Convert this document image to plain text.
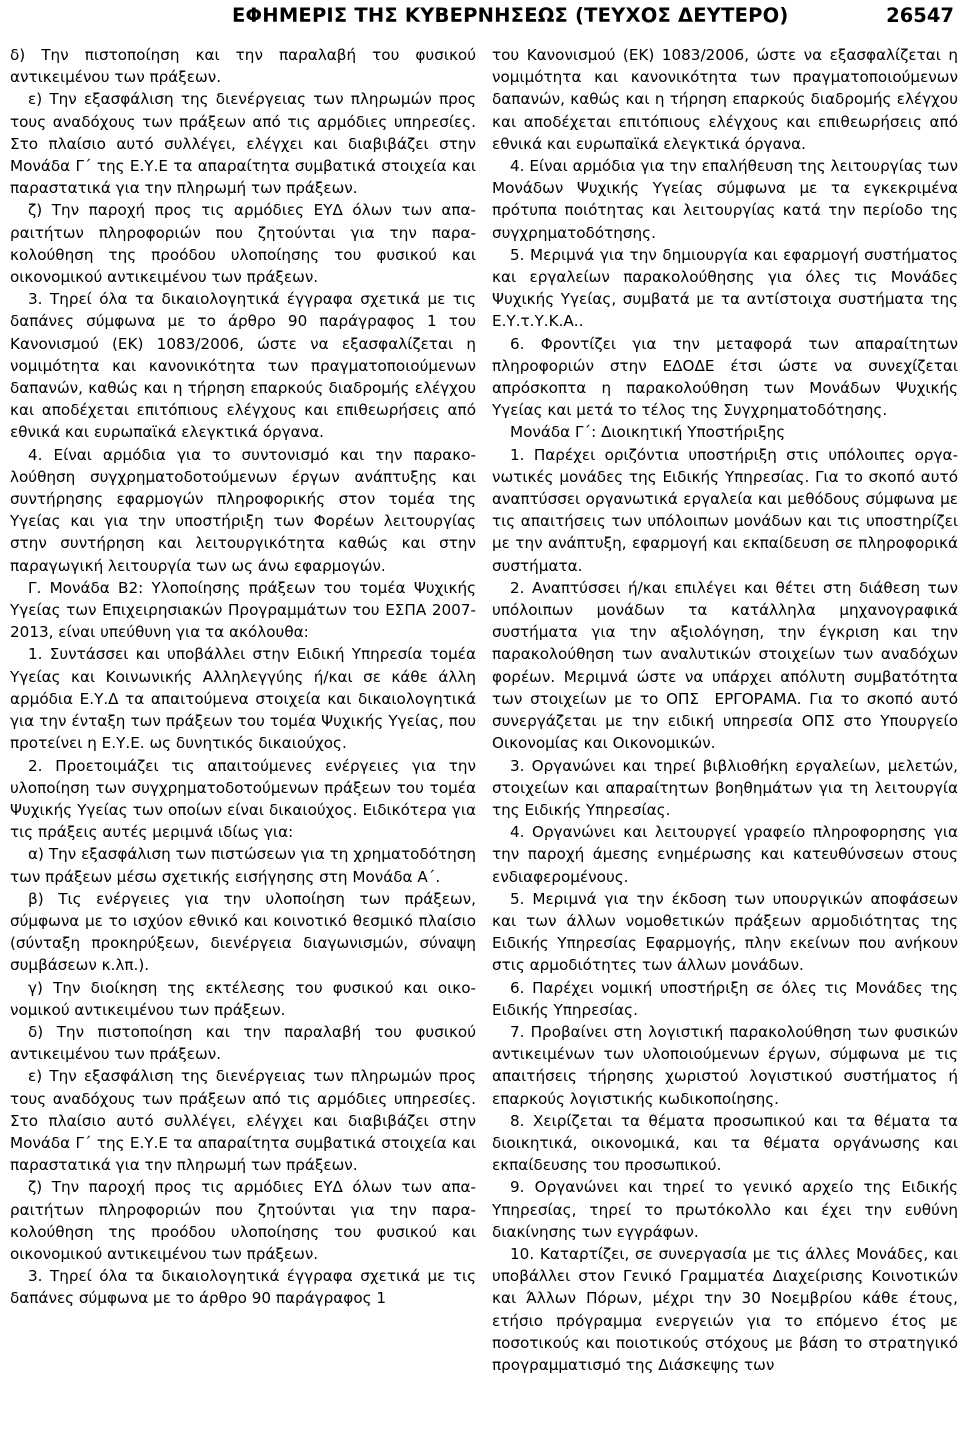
ΕΦΗΜΕΡΙΣ ΤΗΣ ΚΥΒΕΡΝΗΣΕΩΣ (ΤΕΥΧΟΣ ΔΕΥΤΕΡΟ)	26547

δ) Την πιστοποίηση και την παραλαβή του φυσικού αντικειμένου των πράξεων.

ε) Την εξασφάλιση της διενέργειας των πληρωμών προς τους αναδόχους των πράξεων από τις αρμόδιες υπηρεσίες. Στο πλαίσιο αυτό συλλέγει, ελέγχει και διαβιβάζει στην Μονάδα Γ΄ της Ε.Υ.Ε τα απαραίτητα συμβατικά στοιχεία και παραστατικά για την πληρωμή των πράξεων.

ζ) Την παροχή προς τις αρμόδιες ΕΥΔ όλων των απαραιτήτων πληροφοριών που ζητούνται για την παρακολούθηση της προόδου υλοποίησης του φυσικού και οικονομικού αντικειμένου των πράξεων.

3. Τηρεί όλα τα δικαιολογητικά έγγραφα σχετικά με τις δαπάνες σύμφωνα με το άρθρο 90 παράγραφος 1 του Κανονισμού (ΕΚ) 1083/2006, ώστε να εξασφαλίζεται η νομιμότητα και κανονικότητα των πραγματοποιούμενων δαπανών, καθώς και η τήρηση επαρκούς διαδρομής ελέγχου και αποδέχεται επιτόπιους ελέγχους και επιθεωρήσεις από εθνικά και ευρωπαϊκά ελεγκτικά όργανα.

4. Είναι αρμόδια για το συντονισμό και την παρακολούθηση συγχρηματοδοτούμενων έργων ανάπτυξης και συντήρησης εφαρμογών πληροφορικής στον τομέα της Υγείας και για την υποστήριξη των Φορέων λειτουργίας στην συντήρηση και λειτουργικότητα καθώς και στην παραγωγική λειτουργία των ως άνω εφαρμογών.

Γ. Μονάδα Β2: Υλοποίησης πράξεων του τομέα Ψυχικής Υγείας των Επιχειρησιακών Προγραμμάτων του ΕΣΠΑ 20072013, είναι υπεύθυνη για τα ακόλουθα:

1. Συντάσσει και υποβάλλει στην Ειδική Υπηρεσία τομέα Υγείας και Κοινωνικής Αλληλεγγύης ή/και σε κάθε άλλη αρμόδια Ε.Υ.Δ τα απαιτούμενα στοιχεία και δικαιολογητικά για την ένταξη των πράξεων του τομέα Ψυχικής Υγείας, που προτείνει η Ε.Υ.Ε. ως δυνητικός δικαιούχος.

2. Προετοιμάζει τις απαιτούμενες ενέργειες για την υλοποίηση των συγχρηματοδοτούμενων πράξεων του τομέα Ψυχικής Υγείας των οποίων είναι δικαιούχος. Ειδικότερα για τις πράξεις αυτές μεριμνά ιδίως για:

α) Την εξασφάλιση των πιστώσεων για τη χρηματοδότηση των πράξεων μέσω σχετικής εισήγησης στη Μονάδα Α΄.

β) Τις ενέργειες για την υλοποίηση των πράξεων, σύμφωνα με το ισχύον εθνικό και κοινοτικό θεσμικό πλαίσιο (σύνταξη προκηρύξεων, διενέργεια διαγωνισμών, σύναψη συμβάσεων κ.λπ.).

γ) Την διοίκηση της εκτέλεσης του φυσικού και οικονομικού αντικειμένου των πράξεων.

δ) Την πιστοποίηση και την παραλαβή του φυσικού αντικειμένου των πράξεων.

ε) Την εξασφάλιση της διενέργειας των πληρωμών προς τους αναδόχους των πράξεων από τις αρμόδιες υπηρεσίες. Στο πλαίσιο αυτό συλλέγει, ελέγχει και διαβιβάζει στην Μονάδα Γ΄ της Ε.Υ.Ε τα απαραίτητα συμβατικά στοιχεία και παραστατικά για την πληρωμή των πράξεων.

ζ) Την παροχή προς τις αρμόδιες ΕΥΔ όλων των απαραιτήτων πληροφοριών που ζητούνται για την παρακολούθηση της προόδου υλοποίησης του φυσικού και οικονομικού αντικειμένου των πράξεων.

3. Τηρεί όλα τα δικαιολογητικά έγγραφα σχετικά με τις δαπάνες σύμφωνα με το άρθρο 90 παράγραφος 1

του Κανονισμού (ΕΚ) 1083/2006, ώστε να εξασφαλίζεται η νομιμότητα και κανονικότητα των πραγματοποιούμενων δαπανών, καθώς και η τήρηση επαρκούς διαδρομής ελέγχου και αποδέχεται επιτόπιους ελέγχους και επιθεωρήσεις από εθνικά και ευρωπαϊκά ελεγκτικά όργανα.

4. Είναι αρμόδια για την επαλήθευση της λειτουργίας των Μονάδων Ψυχικής Υγείας σύμφωνα με τα εγκεκριμένα πρότυπα ποιότητας και λειτουργίας κατά την περίοδο της συγχρηματοδότησης.

5. Μεριμνά για την δημιουργία και εφαρμογή συστήματος και εργαλείων παρακολούθησης για όλες τις Μονάδες Ψυχικής Υγείας, συμβατά με τα αντίστοιχα συστήματα της Ε.Υ.τ.Υ.Κ.Α..

6. Φροντίζει για την μεταφορά των απαραίτητων πληροφοριών στην ΕΔΟΔΕ έτσι ώστε να συνεχίζεται απρόσκοπτα η παρακολούθηση των Μονάδων Ψυχικής Υγείας και μετά το τέλος της Συγχρηματοδότησης.

Μονάδα Γ΄: Διοικητική Υποστήριξης

1. Παρέχει οριζόντια υποστήριξη στις υπόλοιπες οργανωτικές μονάδες της Ειδικής Υπηρεσίας. Για το σκοπό αυτό αναπτύσσει οργανωτικά εργαλεία και μεθόδους σύμφωνα με τις απαιτήσεις των υπόλοιπων μονάδων και τις υποστηρίζει με την ανάπτυξη, εφαρμογή και εκπαίδευση σε πληροφορικά συστήματα.

2. Αναπτύσσει ή/και επιλέγει και θέτει στη διάθεση των υπόλοιπων μονάδων τα κατάλληλα μηχανογραφικά συστήματα για την αξιολόγηση, την έγκριση και την παρακολούθηση των αναλυτικών στοιχείων των αναδόχων φορέων. Μεριμνά ώστε να υπάρχει απόλυτη συμβατότητα των στοιχείων με το ΟΠΣ ΕΡΓΟΡΑΜΑ. Για το σκοπό αυτό συνεργάζεται με την ειδική υπηρεσία ΟΠΣ στο Υπουργείο Οικονομίας και Οικονομικών.

3. Οργανώνει και τηρεί βιβλιοθήκη εργαλείων, μελετών, στοιχείων και απαραίτητων βοηθημάτων για τη λειτουργία της Ειδικής Υπηρεσίας.

4. Οργανώνει και λειτουργεί γραφείο πληροφορησης για την παροχή άμεσης ενημέρωσης και κατευθύνσεων στους ενδιαφερομένους.

5. Μεριμνά για την έκδοση των υπουργικών αποφάσεων και των άλλων νομοθετικών πράξεων αρμοδιότητας της Ειδικής Υπηρεσίας Εφαρμογής, πλην εκείνων που ανήκουν στις αρμοδιότητες των άλλων μονάδων.

6. Παρέχει νομική υποστήριξη σε όλες τις Μονάδες της Ειδικής Υπηρεσίας.

7. Προβαίνει στη λογιστική παρακολούθηση των φυσικών αντικειμένων των υλοποιούμενων έργων, σύμφωνα με τις απαιτήσεις τήρησης χωριστού λογιστικού συστήματος ή επαρκούς λογιστικής κωδικοποίησης.

8. Χειρίζεται τα θέματα προσωπικού και τα θέματα τα διοικητικά, οικονομικά, και τα θέματα οργάνωσης και εκπαίδευσης του προσωπικού.

9. Οργανώνει και τηρεί το γενικό αρχείο της Ειδικής Υπηρεσίας, τηρεί το πρωτόκολλο και έχει την ευθύνη διακίνησης των εγγράφων.

10. Καταρτίζει, σε συνεργασία με τις άλλες Μονάδες, και υποβάλλει στον Γενικό Γραμματέα Διαχείρισης Κοινοτικών και Άλλων Πόρων, μέχρι την 30 Νοεμβρίου κάθε έτους, ετήσιο πρόγραμμα ενεργειών για το επόμενο έτος με ποσοτικούς και ποιοτικούς στόχους με βάση το στρατηγικό προγραμματισμό της Διάσκεψης των
